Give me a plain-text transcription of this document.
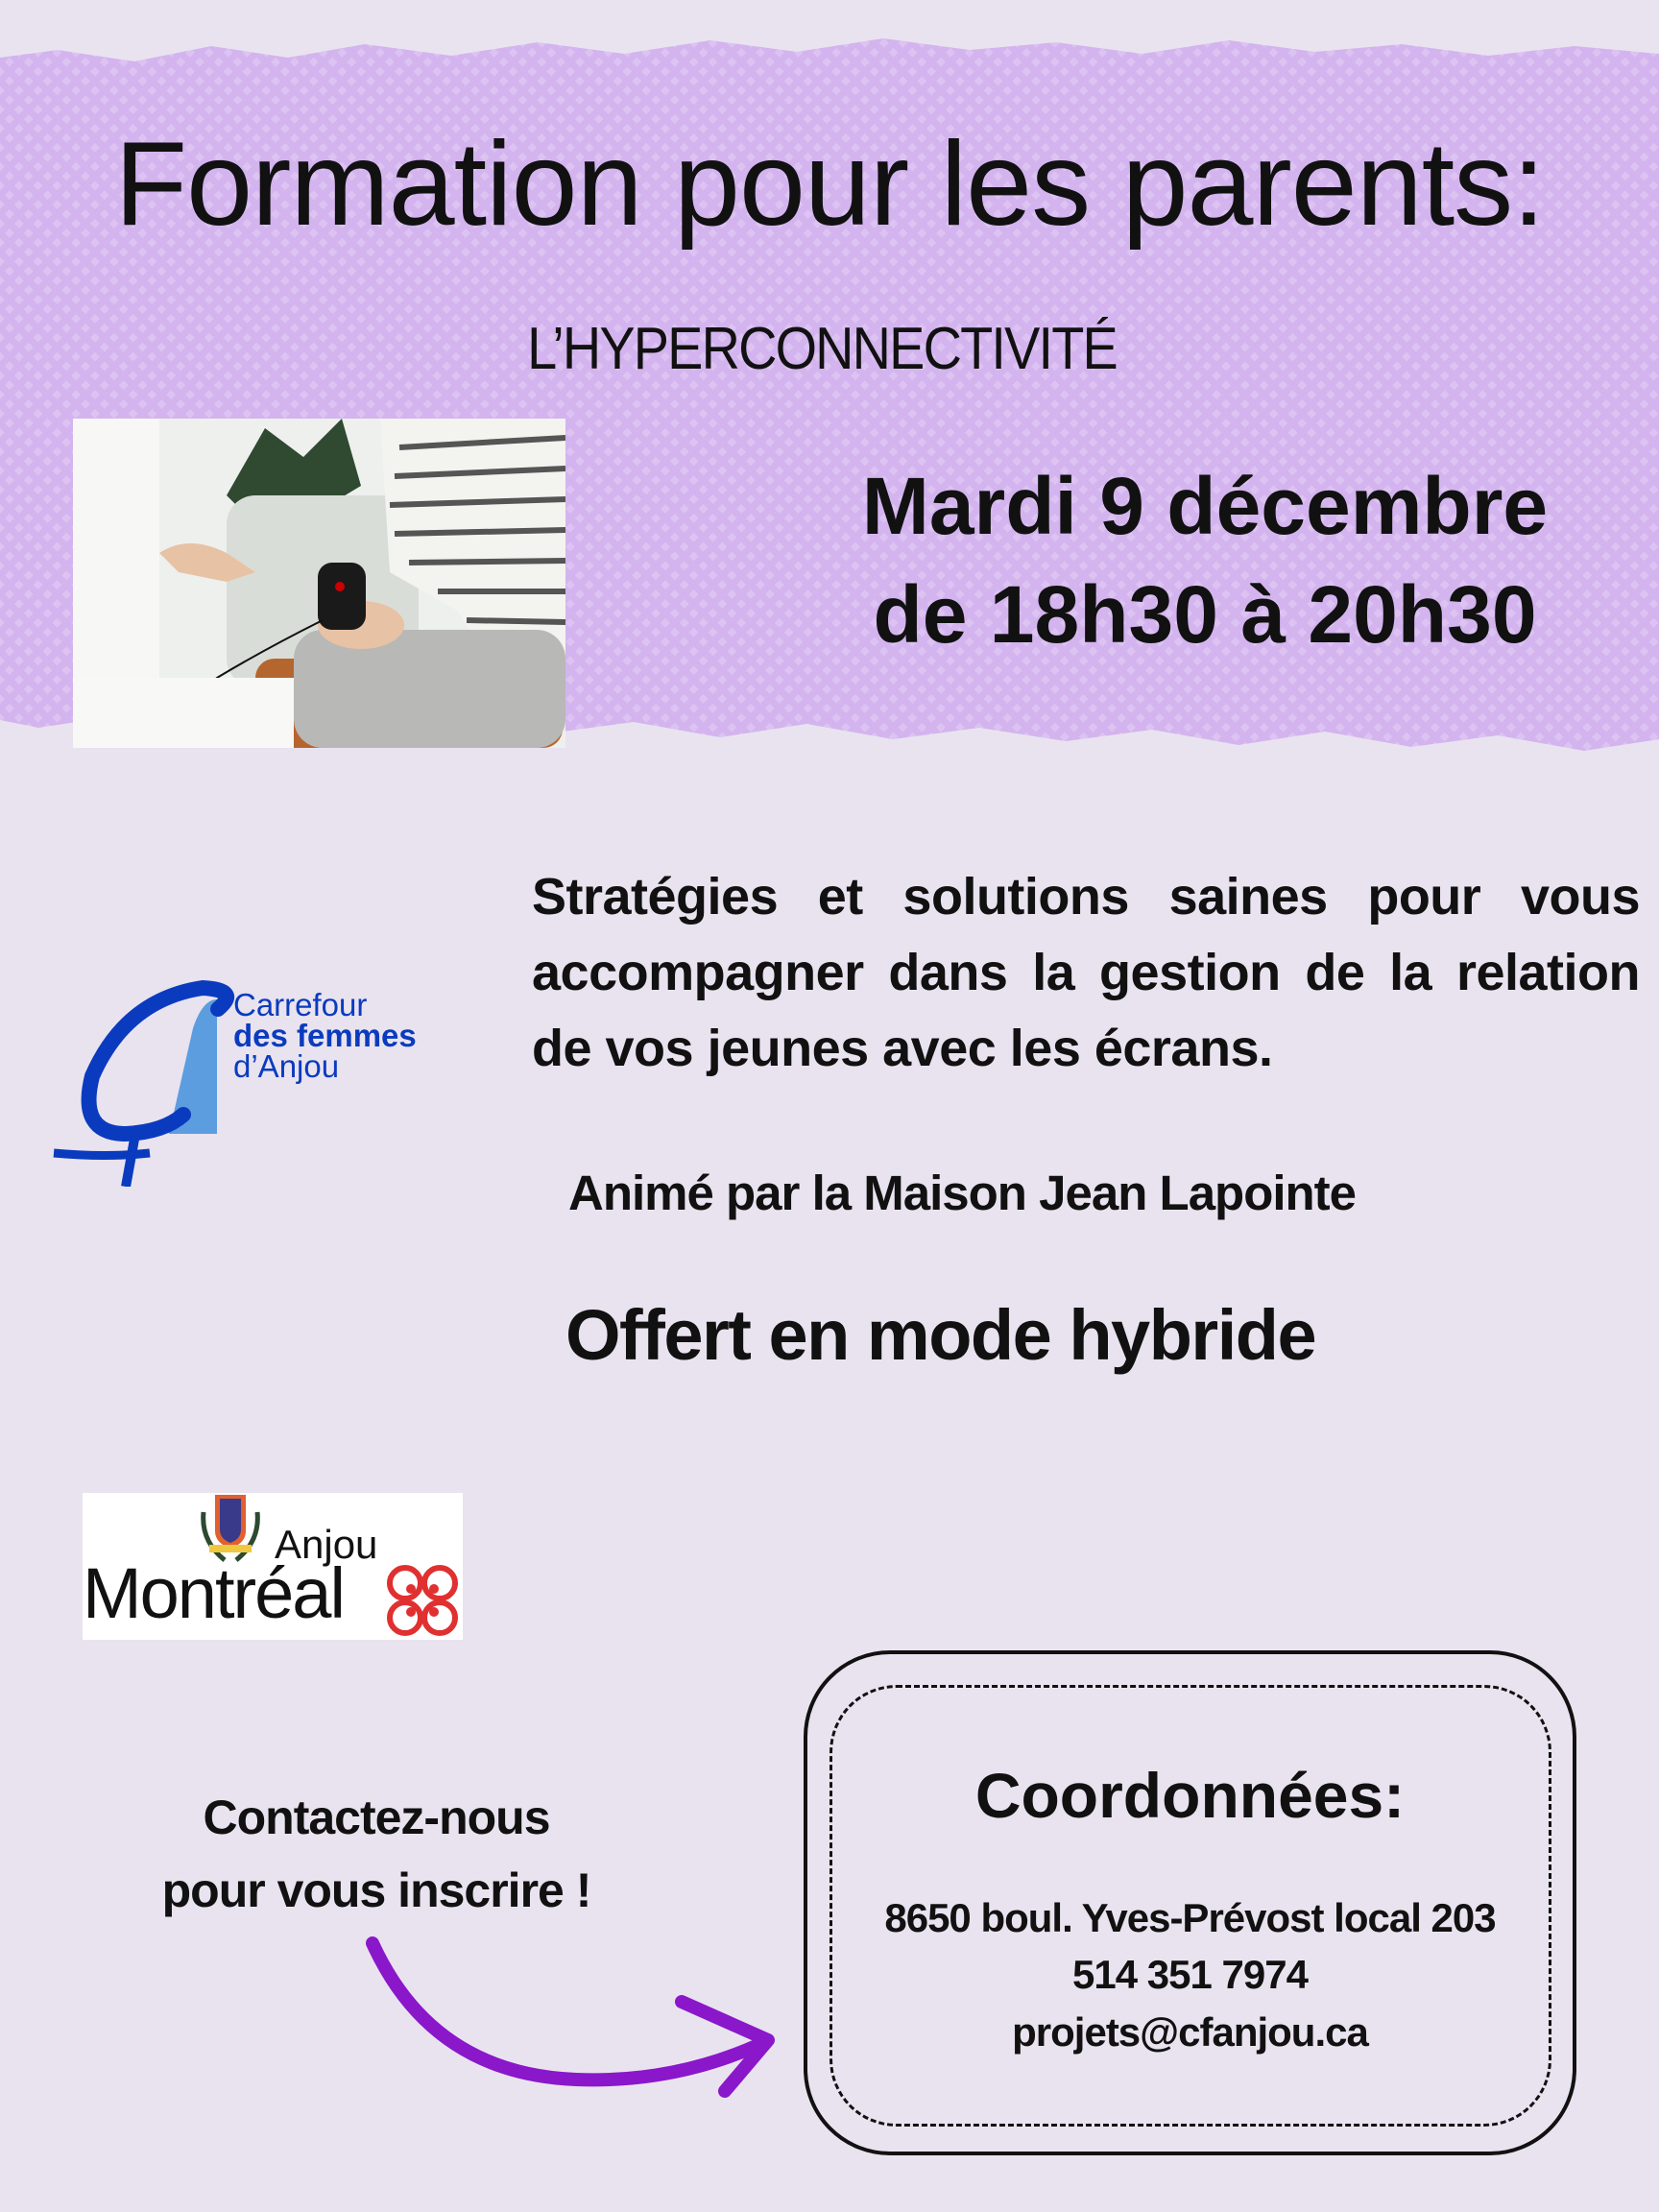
Formation pour les parents:
L’HYPERCONNECTIVITÉ
Mardi 9 décembre
de 18h30 à 20h30
Carrefour
des femmes
d’Anjou
Stratégies et solutions saines pour vous accompagner dans la gestion de la relation de vos jeunes avec les écrans.
Animé par la Maison Jean Lapointe
Offert en mode hybride
Anjou
Montréal
Contactez-nous
pour vous inscrire !
Coordonnées:
8650 boul. Yves-Prévost local 203
514 351 7974
projets@cfanjou.ca
